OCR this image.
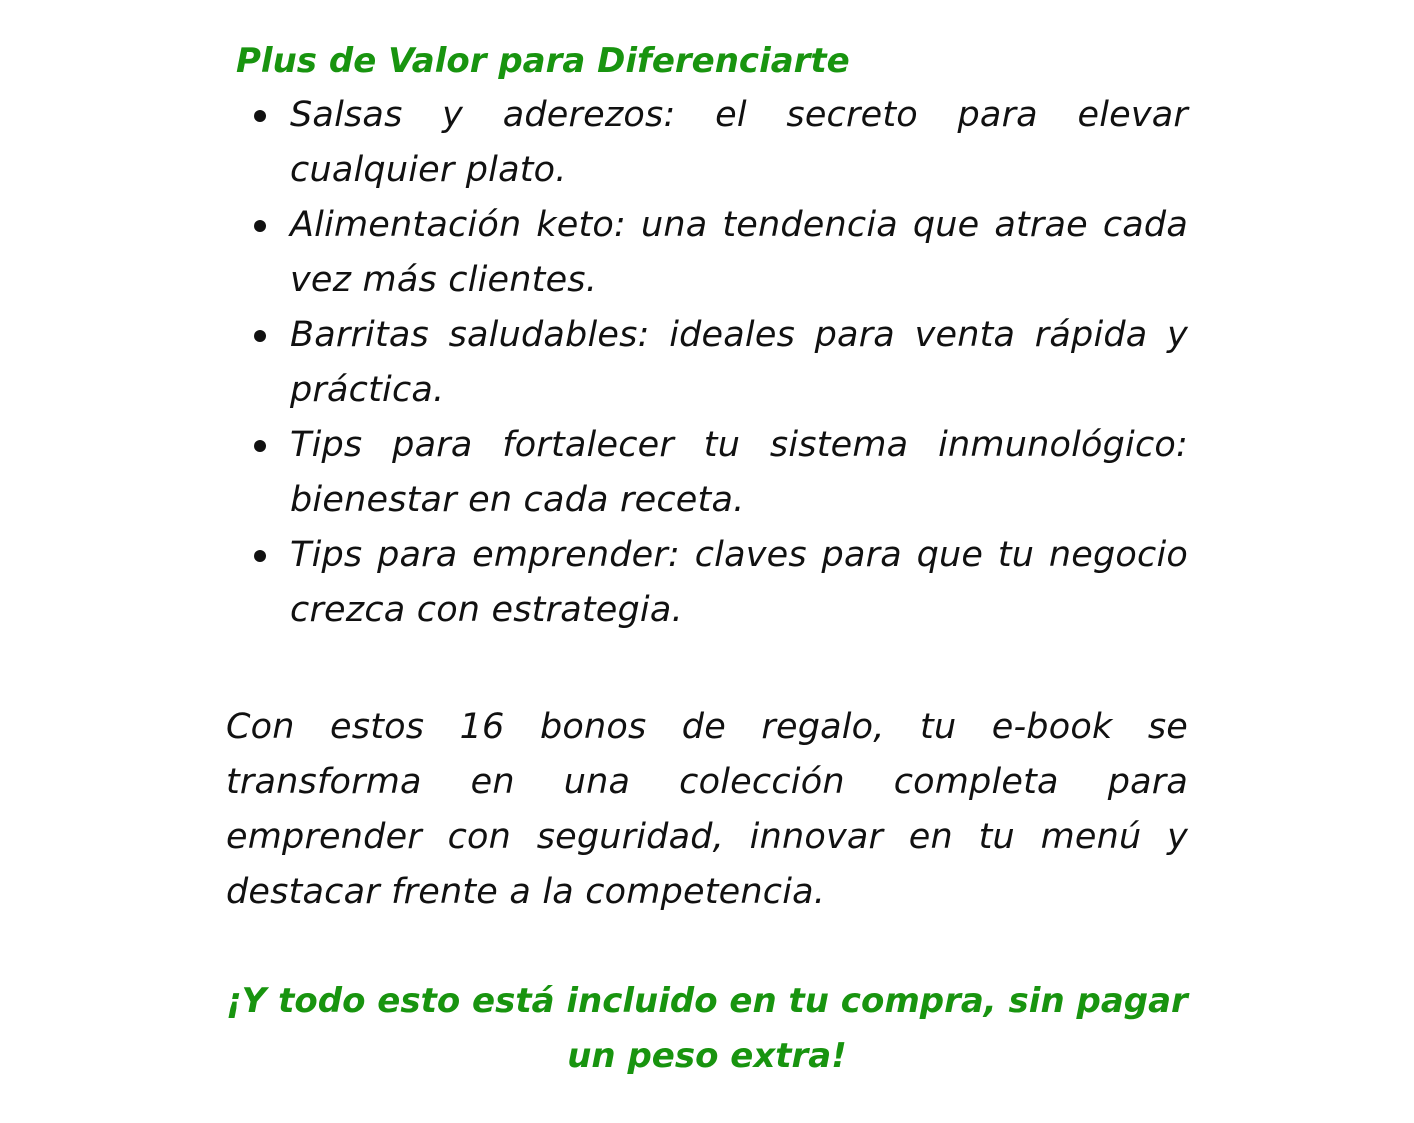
Plus de Valor para Diferenciarte
Salsas y aderezos: el secreto para elevar cualquier plato.
Alimentación keto: una tendencia que atrae cada vez más clientes.
Barritas saludables: ideales para venta rápida y práctica.
Tips para fortalecer tu sistema inmunológico: bienestar en cada receta.
Tips para emprender: claves para que tu negocio crezca con estrategia.

Con estos 16 bonos de regalo, tu e-book se transforma en una colección completa para emprender con seguridad, innovar en tu menú y destacar frente a la competencia.

¡Y todo esto está incluido en tu compra, sin pagar un peso extra!
